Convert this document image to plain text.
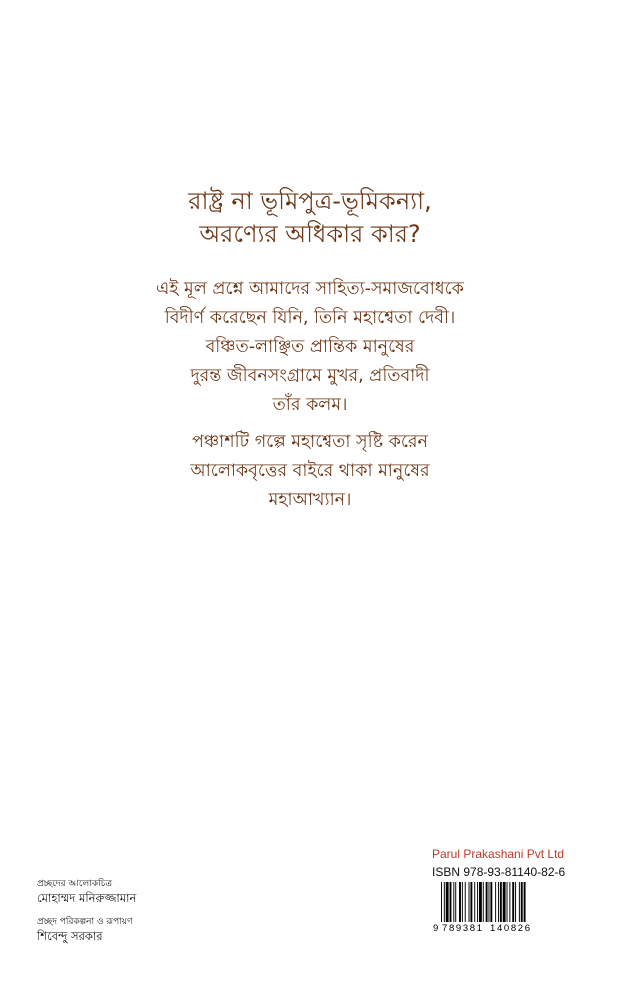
রাষ্ট্র না ভূমিপুত্র-ভূমিকন্যা,
অরণ্যের অধিকার কার?
এই মূল প্রশ্নে আমাদের সাহিত্য-সমাজবোধকে
বিদীর্ণ করেছেন যিনি, তিনি মহাশ্বেতা দেবী।
বঞ্চিত-লাঞ্ছিত প্রান্তিক মানুষের
দুরন্ত জীবনসংগ্রামে মুখর, প্রতিবাদী
তাঁর কলম।
পঞ্চাশটি গল্পে মহাশ্বেতা সৃষ্টি করেন
আলোকবৃত্তের বাইরে থাকা মানুষের
মহাআখ্যান।
প্রচ্ছদের আলোকচিত্র
মোহাম্মদ মনিরুজ্জামান
প্রচ্ছদ পরিকল্পনা ও রূপায়ণ
শিবেন্দু সরকার
Parul Prakashani Pvt Ltd
ISBN 978-93-81140-82-6
9 789381 140826
